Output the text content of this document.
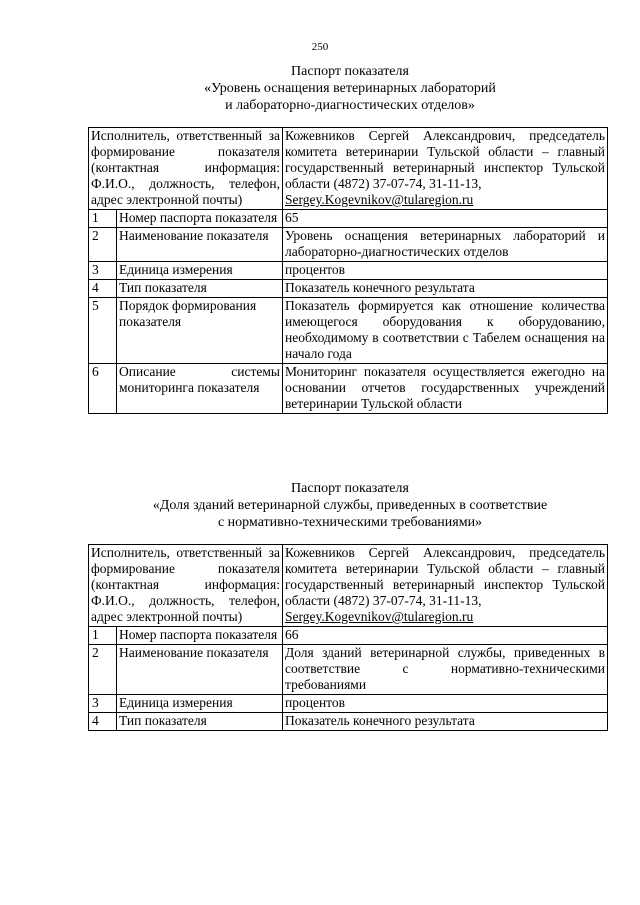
250
Паспорт показателя
«Уровень оснащения ветеринарных лабораторий
и лабораторно-диагностических отделов»
Исполнитель, ответственный за формирование показателя (контактная информация: Ф.И.О., должность, телефон, адрес электронной почты)		Кожевников Сергей Александрович, председатель комитета ветеринарии Тульской области – главный государственный ветеринарный инспектор Тульской области (4872) 37-07-74, 31-11-13,
Sergey.Kogevnikov@tularegion.ru

1	Номер паспорта показателя	65
2	Наименование показателя	Уровень оснащения ветеринарных лабораторий и лабораторно-диагностических отделов
3	Единица измерения	процентов
4	Тип показателя	Показатель конечного результата
5	Порядок формирования показателя	Показатель формируется как отношение количества имеющегося оборудования к оборудованию, необходимому в соответствии с Табелем оснащения на начало года
6	Описание системы мониторинга показателя	Мониторинг показателя осуществляется ежегодно на основании отчетов государственных учреждений ветеринарии Тульской области
Паспорт показателя
«Доля зданий ветеринарной службы, приведенных в соответствие
с нормативно-техническими требованиями»
Исполнитель, ответственный за формирование показателя (контактная информация: Ф.И.О., должность, телефон, адрес электронной почты)		Кожевников Сергей Александрович, председатель комитета ветеринарии Тульской области – главный государственный ветеринарный инспектор Тульской области (4872) 37-07-74, 31-11-13,
Sergey.Kogevnikov@tularegion.ru

1	Номер паспорта показателя	66
2	Наименование показателя	Доля зданий ветеринарной службы, приведенных в соответствие с нормативно-техническими требованиями
3	Единица измерения	процентов
4	Тип показателя	Показатель конечного результата
